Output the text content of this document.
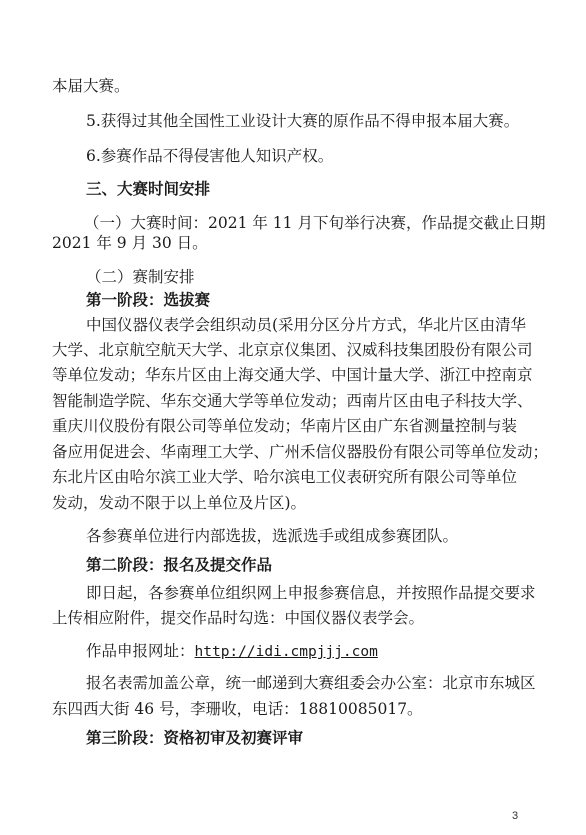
本届大赛。

5.获得过其他全国性工业设计大赛的原作品不得申报本届大赛。

6.参赛作品不得侵害他人知识产权。

三、大赛时间安排

（一）大赛时间：2021 年 11 月下旬举行决赛，作品提交截止日期

2021 年 9 月 30 日。

（二）赛制安排

第一阶段：选拔赛

中国仪器仪表学会组织动员(采用分区分片方式，华北片区由清华

大学、北京航空航天大学、北京京仪集团、汉威科技集团股份有限公司

等单位发动；华东片区由上海交通大学、中国计量大学、浙江中控南京

智能制造学院、华东交通大学等单位发动；西南片区由电子科技大学、

重庆川仪股份有限公司等单位发动；华南片区由广东省测量控制与装

备应用促进会、华南理工大学、广州禾信仪器股份有限公司等单位发动；

东北片区由哈尔滨工业大学、哈尔滨电工仪表研究所有限公司等单位

发动，发动不限于以上单位及片区)。

各参赛单位进行内部选拔，选派选手或组成参赛团队。

第二阶段：报名及提交作品

即日起，各参赛单位组织网上申报参赛信息，并按照作品提交要求

上传相应附件，提交作品时勾选：中国仪器仪表学会。

作品申报网址：http://idi.cmpjjj.com

报名表需加盖公章，统一邮递到大赛组委会办公室：北京市东城区

东四西大街 46 号，李珊收，电话：18810085017。

第三阶段：资格初审及初赛评审

3
